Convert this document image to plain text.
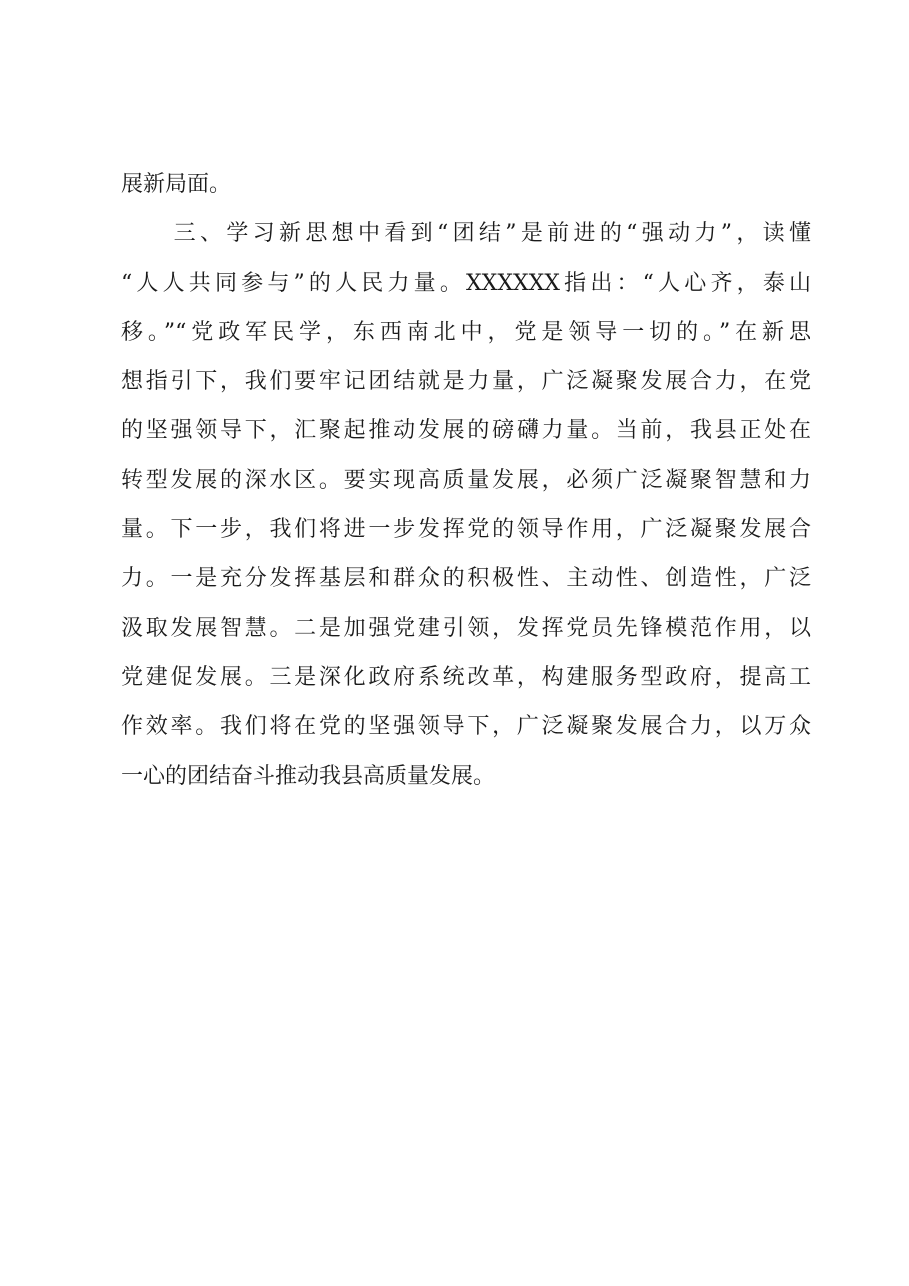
展新局面。
　　三、学习新思想中看到“团结”是前进的“强动力”，读懂
“人人共同参与”的人民力量。XXXXXX指出：“人心齐，泰山
移。”“党政军民学，东西南北中，党是领导一切的。”在新思
想指引下，我们要牢记团结就是力量，广泛凝聚发展合力，在党
的坚强领导下，汇聚起推动发展的磅礴力量。当前，我县正处在
转型发展的深水区。要实现高质量发展，必须广泛凝聚智慧和力
量。下一步，我们将进一步发挥党的领导作用，广泛凝聚发展合
力。一是充分发挥基层和群众的积极性、主动性、创造性，广泛
汲取发展智慧。二是加强党建引领，发挥党员先锋模范作用，以
党建促发展。三是深化政府系统改革，构建服务型政府，提高工
作效率。我们将在党的坚强领导下，广泛凝聚发展合力，以万众
一心的团结奋斗推动我县高质量发展。
